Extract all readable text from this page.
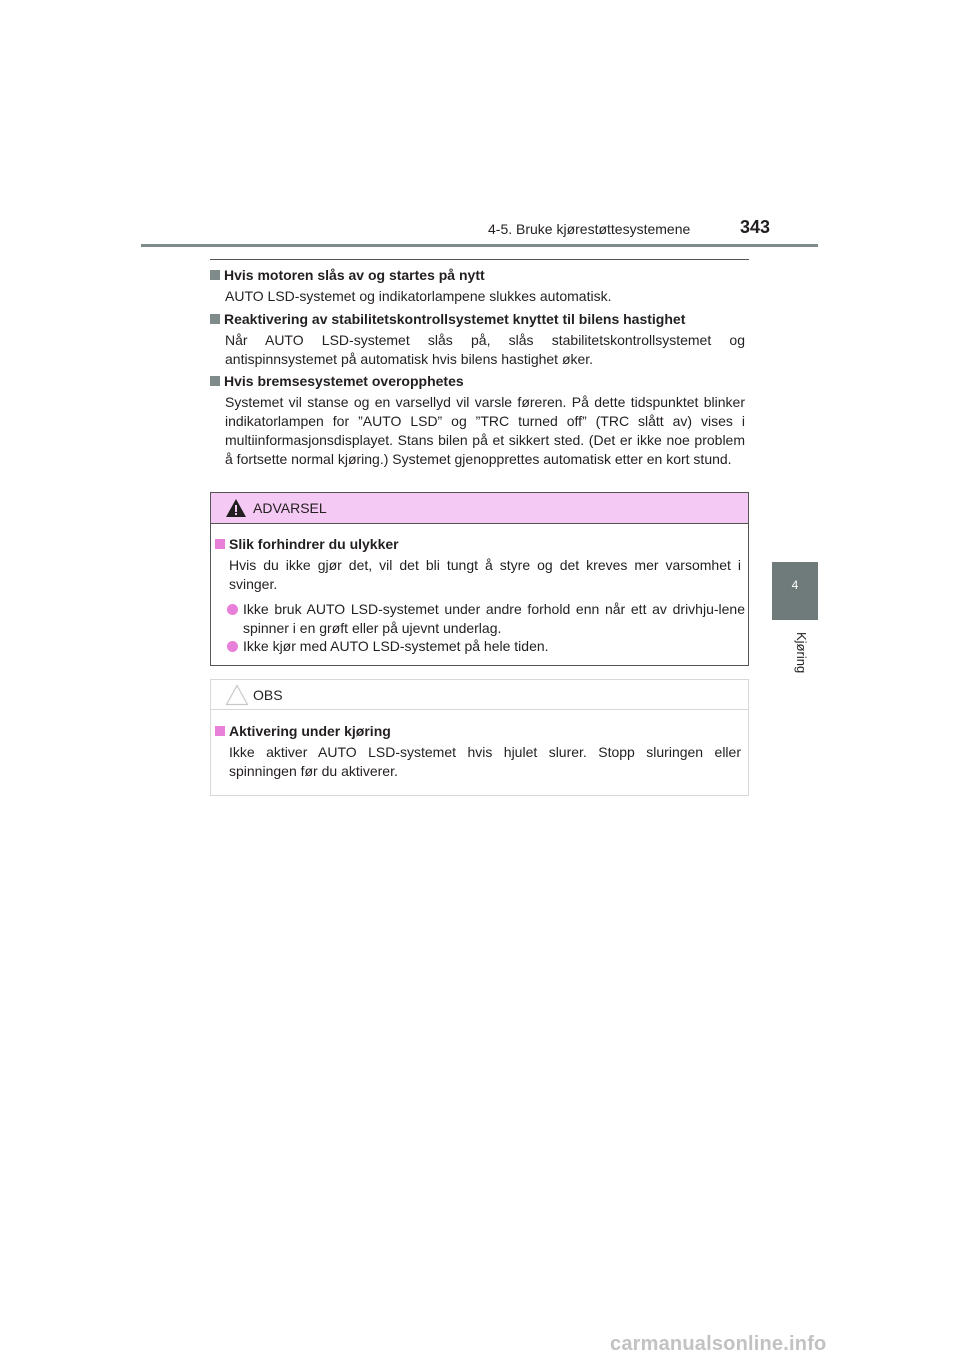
4-5. Bruke kjørestøttesystemene	343
4
Kjøring
Hvis motoren slås av og startes på nytt
AUTO LSD-systemet og indikatorlampene slukkes automatisk.
Reaktivering av stabilitetskontrollsystemet knyttet til bilens hastighet
Når AUTO LSD-systemet slås på, slås stabilitetskontrollsystemet og antispinnsystemet på automatisk hvis bilens hastighet øker.
Hvis bremsesystemet overopphetes
Systemet vil stanse og en varsellyd vil varsle føreren. På dette tidspunktet blinker indikatorlampen for ”AUTO LSD” og ”TRC turned off” (TRC slått av) vises i multiinformasjonsdisplayet. Stans bilen på et sikkert sted. (Det er ikke noe problem å fortsette normal kjøring.) Systemet gjenopprettes automatisk etter en kort stund.
ADVARSEL
Slik forhindrer du ulykker
Hvis du ikke gjør det, vil det bli tungt å styre og det kreves mer varsomhet i svinger.
Ikke bruk AUTO LSD-systemet under andre forhold enn når ett av drivhju-lene spinner i en grøft eller på ujevnt underlag.
Ikke kjør med AUTO LSD-systemet på hele tiden.
OBS
Aktivering under kjøring
Ikke aktiver AUTO LSD-systemet hvis hjulet slurer. Stopp sluringen eller spinningen før du aktiverer.
carmanualsonline.info
